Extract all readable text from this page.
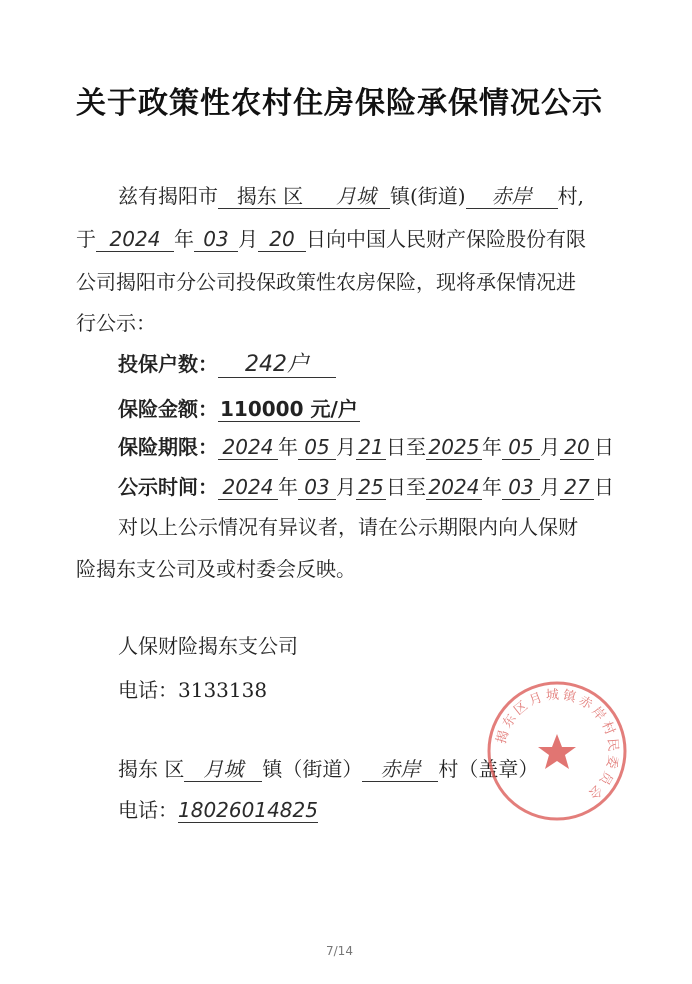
关于政策性农村住房保险承保情况公示
兹有揭阳市 揭东 区 月城 镇(街道) 赤岸 村,
于 2024 年 03 月 20 日向中国人民财产保险股份有限
公司揭阳市分公司投保政策性农房保险，现将承保情况进
行公示：
投保户数： 242户
保险金额： 110000 元/户
保险期限： 2024 年 05 月 21 日至 2025 年 05 月 20 日
公示时间： 2024 年 03 月 25 日至 2024 年 03 月 27 日
对以上公示情况有异议者，请在公示期限内向人保财
险揭东支公司及或村委会反映。
人保财险揭东支公司
电话：3133138
揭东 区 月城 镇（街道） 赤岸 村（盖章）
电话：18026014825
揭东区月城镇赤岸村民委员会
7/14
